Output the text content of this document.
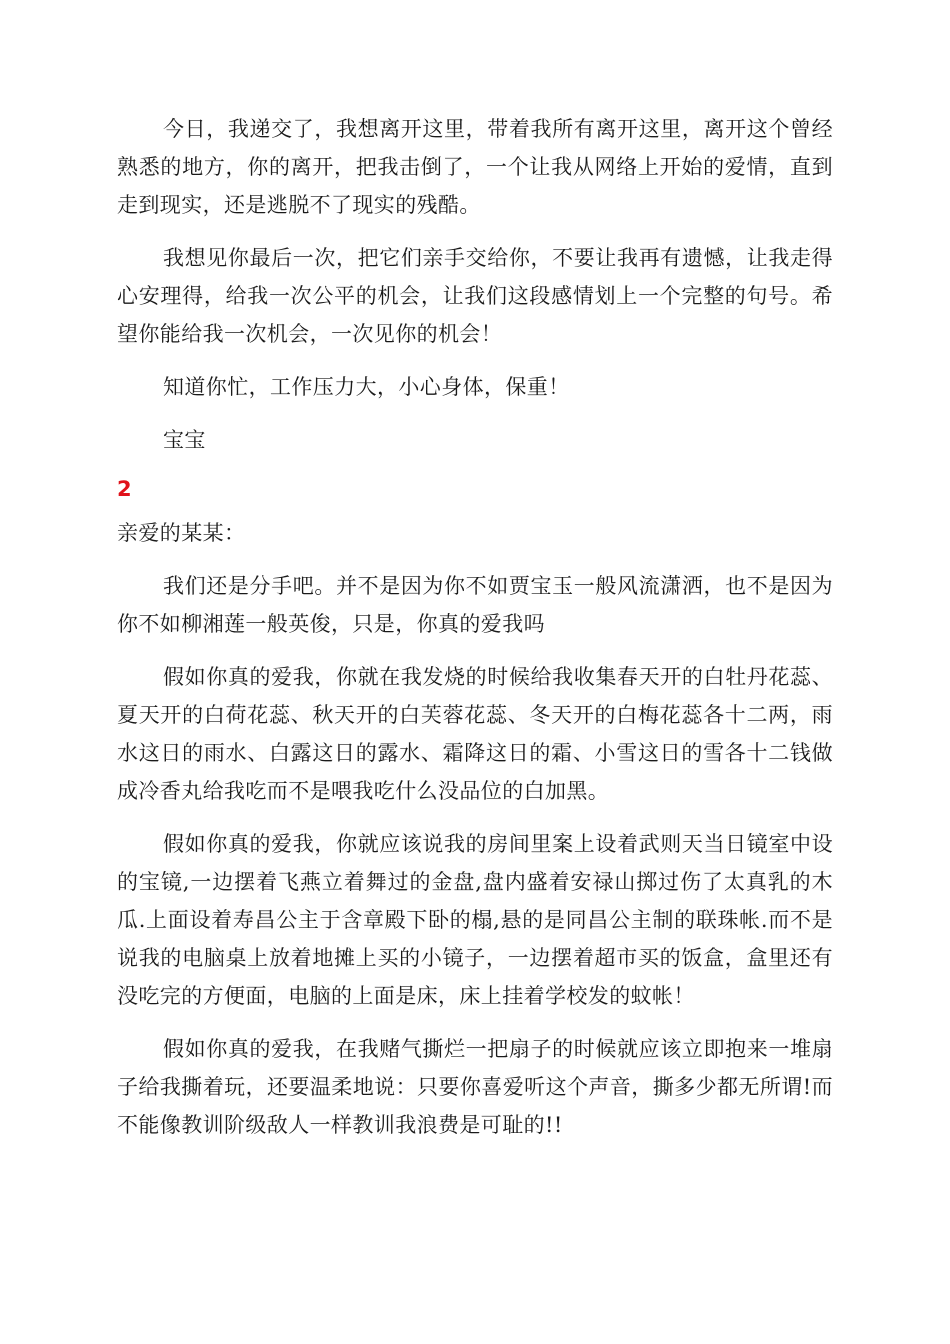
今日，我递交了，我想离开这里，带着我所有离开这里，离开这个曾经熟悉的地方，你的离开，把我击倒了，一个让我从网络上开始的爱情，直到走到现实，还是逃脱不了现实的残酷。

我想见你最后一次，把它们亲手交给你，不要让我再有遗憾，让我走得心安理得，给我一次公平的机会，让我们这段感情划上一个完整的句号。希望你能给我一次机会，一次见你的机会！

知道你忙，工作压力大，小心身体，保重！

宝宝

2

亲爱的某某：

我们还是分手吧。并不是因为你不如贾宝玉一般风流潇洒，也不是因为你不如柳湘莲一般英俊，只是，你真的爱我吗

假如你真的爱我，你就在我发烧的时候给我收集春天开的白牡丹花蕊、夏天开的白荷花蕊、秋天开的白芙蓉花蕊、冬天开的白梅花蕊各十二两，雨水这日的雨水、白露这日的露水、霜降这日的霜、小雪这日的雪各十二钱做成冷香丸给我吃而不是喂我吃什么没品位的白加黑。

假如你真的爱我，你就应该说我的房间里案上设着武则天当日镜室中设的宝镜,一边摆着飞燕立着舞过的金盘,盘内盛着安禄山掷过伤了太真乳的木瓜.上面设着寿昌公主于含章殿下卧的榻,悬的是同昌公主制的联珠帐.而不是说我的电脑桌上放着地摊上买的小镜子，一边摆着超市买的饭盒，盒里还有没吃完的方便面，电脑的上面是床，床上挂着学校发的蚊帐！

假如你真的爱我，在我赌气撕烂一把扇子的时候就应该立即抱来一堆扇子给我撕着玩，还要温柔地说：只要你喜爱听这个声音，撕多少都无所谓!而不能像教训阶级敌人一样教训我浪费是可耻的!!
